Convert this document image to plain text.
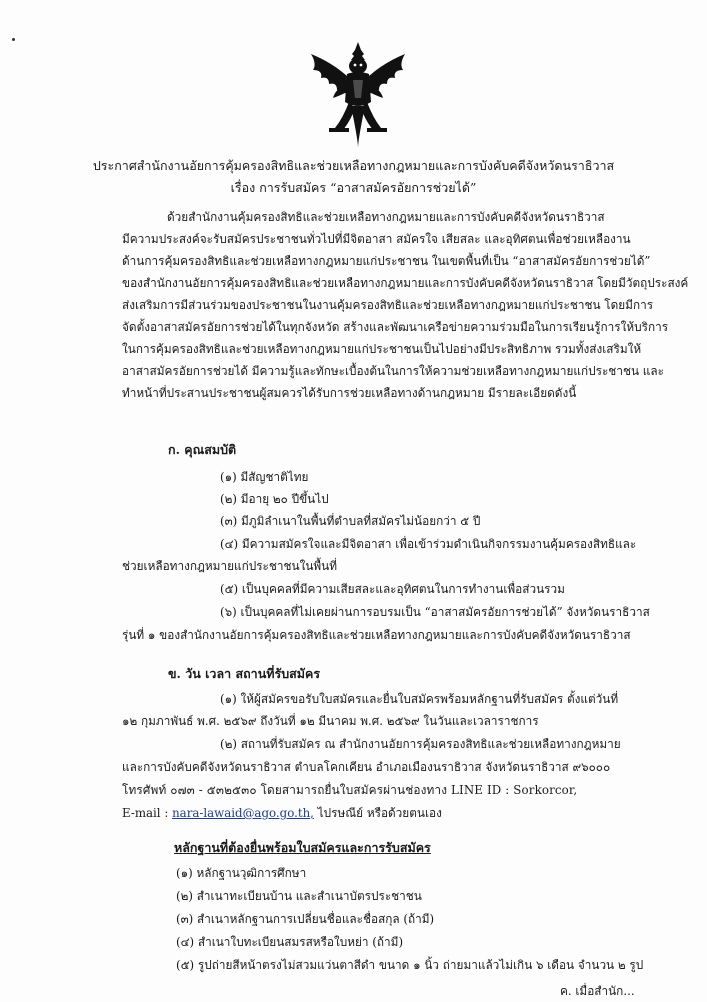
ประกาศสำนักงานอัยการคุ้มครองสิทธิและช่วยเหลือทางกฎหมายและการบังคับคดีจังหวัดนราธิวาส
เรื่อง การรับสมัคร “อาสาสมัครอัยการช่วยได้”
ด้วยสำนักงานคุ้มครองสิทธิและช่วยเหลือทางกฎหมายและการบังคับคดีจังหวัดนราธิวาส
มีความประสงค์จะรับสมัครประชาชนทั่วไปที่มีจิตอาสา สมัครใจ เสียสละ และอุทิศตนเพื่อช่วยเหลืองาน
ด้านการคุ้มครองสิทธิและช่วยเหลือทางกฎหมายแก่ประชาชน ในเขตพื้นที่เป็น “อาสาสมัครอัยการช่วยได้”
ของสำนักงานอัยการคุ้มครองสิทธิและช่วยเหลือทางกฎหมายและการบังคับคดีจังหวัดนราธิวาส โดยมีวัตถุประสงค์
ส่งเสริมการมีส่วนร่วมของประชาชนในงานคุ้มครองสิทธิและช่วยเหลือทางกฎหมายแก่ประชาชน โดยมีการ
จัดตั้งอาสาสมัครอัยการช่วยได้ในทุกจังหวัด สร้างและพัฒนาเครือข่ายความร่วมมือในการเรียนรู้การให้บริการ
ในการคุ้มครองสิทธิและช่วยเหลือทางกฎหมายแก่ประชาชนเป็นไปอย่างมีประสิทธิภาพ รวมทั้งส่งเสริมให้
อาสาสมัครอัยการช่วยได้ มีความรู้และทักษะเบื้องต้นในการให้ความช่วยเหลือทางกฎหมายแก่ประชาชน และ
ทำหน้าที่ประสานประชาชนผู้สมควรได้รับการช่วยเหลือทางด้านกฎหมาย มีรายละเอียดดังนี้
ก. คุณสมบัติ
(๑) มีสัญชาติไทย
(๒) มีอายุ ๒๐ ปีขึ้นไป
(๓) มีภูมิลำเนาในพื้นที่ตำบลที่สมัครไม่น้อยกว่า ๕ ปี
(๔) มีความสมัครใจและมีจิตอาสา เพื่อเข้าร่วมดำเนินกิจกรรมงานคุ้มครองสิทธิและ
ช่วยเหลือทางกฎหมายแก่ประชาชนในพื้นที่
(๕) เป็นบุคคลที่มีความเสียสละและอุทิศตนในการทำงานเพื่อส่วนรวม
(๖) เป็นบุคคลที่ไม่เคยผ่านการอบรมเป็น “อาสาสมัครอัยการช่วยได้” จังหวัดนราธิวาส
รุ่นที่ ๑ ของสำนักงานอัยการคุ้มครองสิทธิและช่วยเหลือทางกฎหมายและการบังคับคดีจังหวัดนราธิวาส
ข. วัน เวลา สถานที่รับสมัคร
(๑) ให้ผู้สมัครขอรับใบสมัครและยื่นใบสมัครพร้อมหลักฐานที่รับสมัคร ตั้งแต่วันที่
๑๒ กุมภาพันธ์ พ.ศ. ๒๕๖๙ ถึงวันที่ ๑๒ มีนาคม พ.ศ. ๒๕๖๙ ในวันและเวลาราชการ
(๒) สถานที่รับสมัคร ณ สำนักงานอัยการคุ้มครองสิทธิและช่วยเหลือทางกฎหมาย
และการบังคับคดีจังหวัดนราธิวาส ตำบลโคกเคียน อำเภอเมืองนราธิวาส จังหวัดนราธิวาส ๙๖๐๐๐
โทรศัพท์ ๐๗๓ - ๕๓๒๕๓๐ โดยสามารถยื่นใบสมัครผ่านช่องทาง LINE ID : Sorkorcor,
E-mail : nara-lawaid@ago.go.th, ไปรษณีย์ หรือด้วยตนเอง
หลักฐานที่ต้องยื่นพร้อมใบสมัครและการรับสมัคร
(๑) หลักฐานวุฒิการศึกษา
(๒) สำเนาทะเบียนบ้าน และสำเนาบัตรประชาชน
(๓) สำเนาหลักฐานการเปลี่ยนชื่อและชื่อสกุล (ถ้ามี)
(๔) สำเนาใบทะเบียนสมรสหรือใบหย่า (ถ้ามี)
(๕) รูปถ่ายสีหน้าตรงไม่สวมแว่นตาสีดำ ขนาด ๑ นิ้ว ถ่ายมาแล้วไม่เกิน ๖ เดือน จำนวน ๒ รูป
ค. เมื่อสำนัก...
